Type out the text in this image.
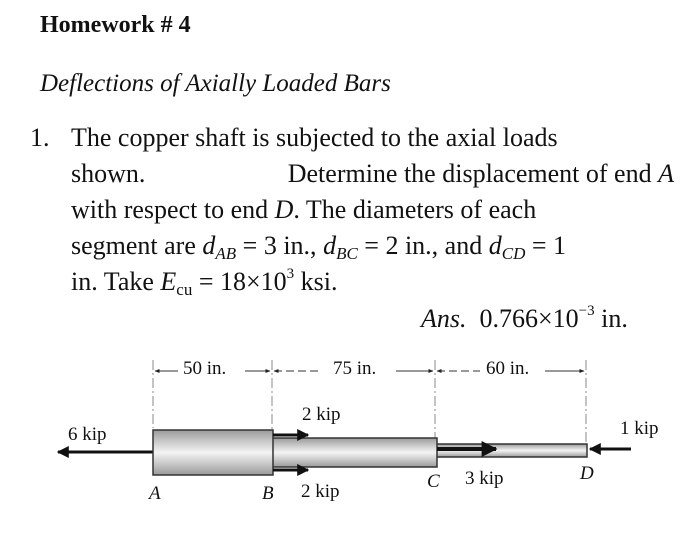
Homework # 4
Deflections of Axially Loaded Bars
1. The copper shaft is subjected to the axial loads
shown.	Determine the displacement of end A
with respect to end D. The diameters of each
segment are $d_{AB} = 3$ in., $d_{BC} = 2$ in., and $d_{CD} = 1$
in. Take $E_{cu} = 18\times 10^3$ ksi.
Ans. $0.766\times 10^{-3}$ in.
50 in.	75 in.	60 in.
6 kip
2 kip
2 kip
3 kip
1 kip
A	B
C	D
